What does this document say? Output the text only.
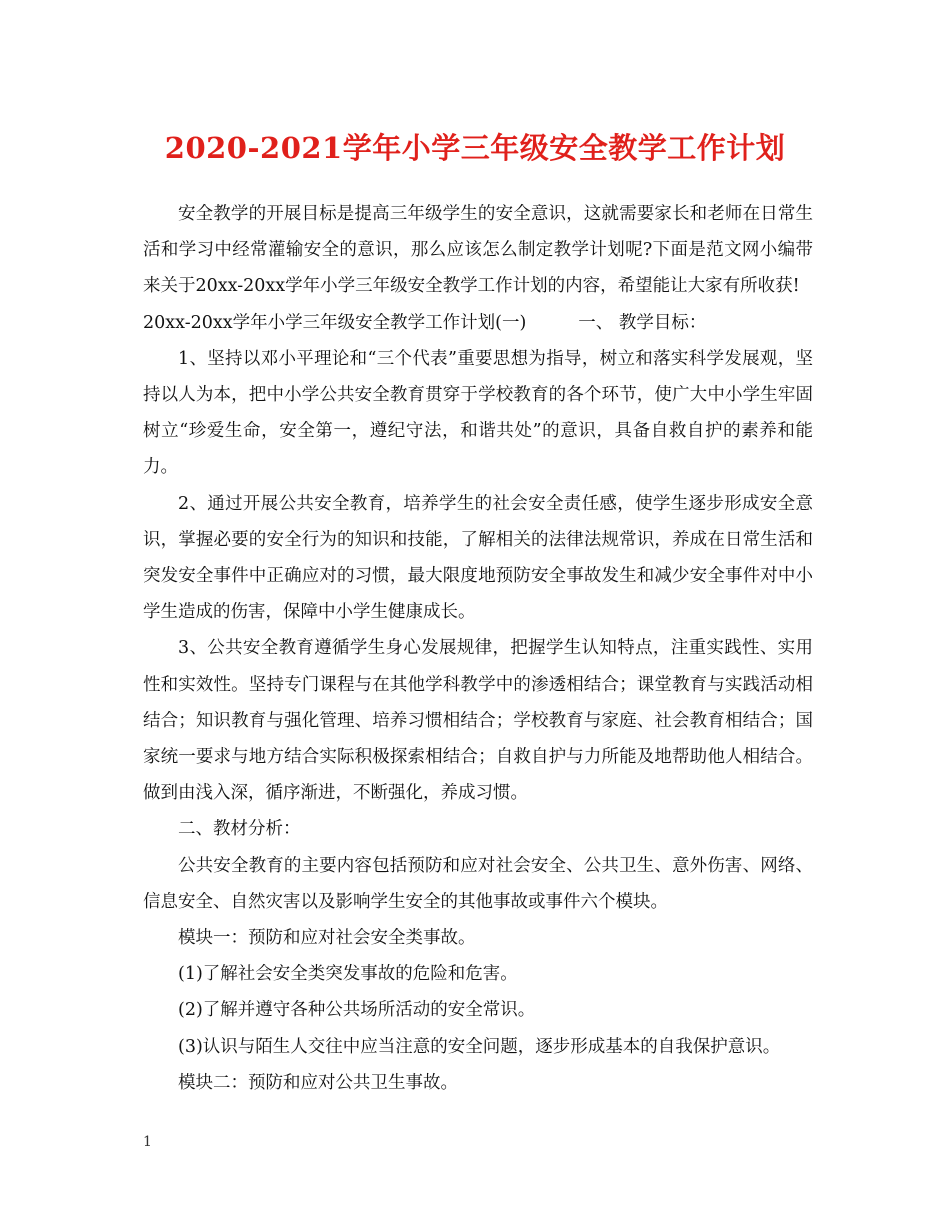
2020-2021学年小学三年级安全教学工作计划

安全教学的开展目标是提高三年级学生的安全意识，这就需要家长和老师在日常生活和学习中经常灌输安全的意识，那么应该怎么制定教学计划呢?下面是范文网小编带来关于20xx-20xx学年小学三年级安全教学工作计划的内容，希望能让大家有所收获!

20xx-20xx学年小学三年级安全教学工作计划(一)	一、 教学目标：

1、坚持以邓小平理论和“三个代表”重要思想为指导，树立和落实科学发展观，坚持以人为本，把中小学公共安全教育贯穿于学校教育的各个环节，使广大中小学生牢固树立“珍爱生命，安全第一，遵纪守法，和谐共处”的意识，具备自救自护的素养和能力。

2、通过开展公共安全教育，培养学生的社会安全责任感，使学生逐步形成安全意识，掌握必要的安全行为的知识和技能，了解相关的法律法规常识，养成在日常生活和突发安全事件中正确应对的习惯，最大限度地预防安全事故发生和减少安全事件对中小学生造成的伤害，保障中小学生健康成长。

3、公共安全教育遵循学生身心发展规律，把握学生认知特点，注重实践性、实用性和实效性。坚持专门课程与在其他学科教学中的渗透相结合；课堂教育与实践活动相结合；知识教育与强化管理、培养习惯相结合；学校教育与家庭、社会教育相结合；国家统一要求与地方结合实际积极探索相结合；自救自护与力所能及地帮助他人相结合。做到由浅入深，循序渐进，不断强化，养成习惯。

二、教材分析：

公共安全教育的主要内容包括预防和应对社会安全、公共卫生、意外伤害、网络、信息安全、自然灾害以及影响学生安全的其他事故或事件六个模块。

模块一：预防和应对社会安全类事故。

(1)了解社会安全类突发事故的危险和危害。

(2)了解并遵守各种公共场所活动的安全常识。

(3)认识与陌生人交往中应当注意的安全问题，逐步形成基本的自我保护意识。

模块二：预防和应对公共卫生事故。

1
